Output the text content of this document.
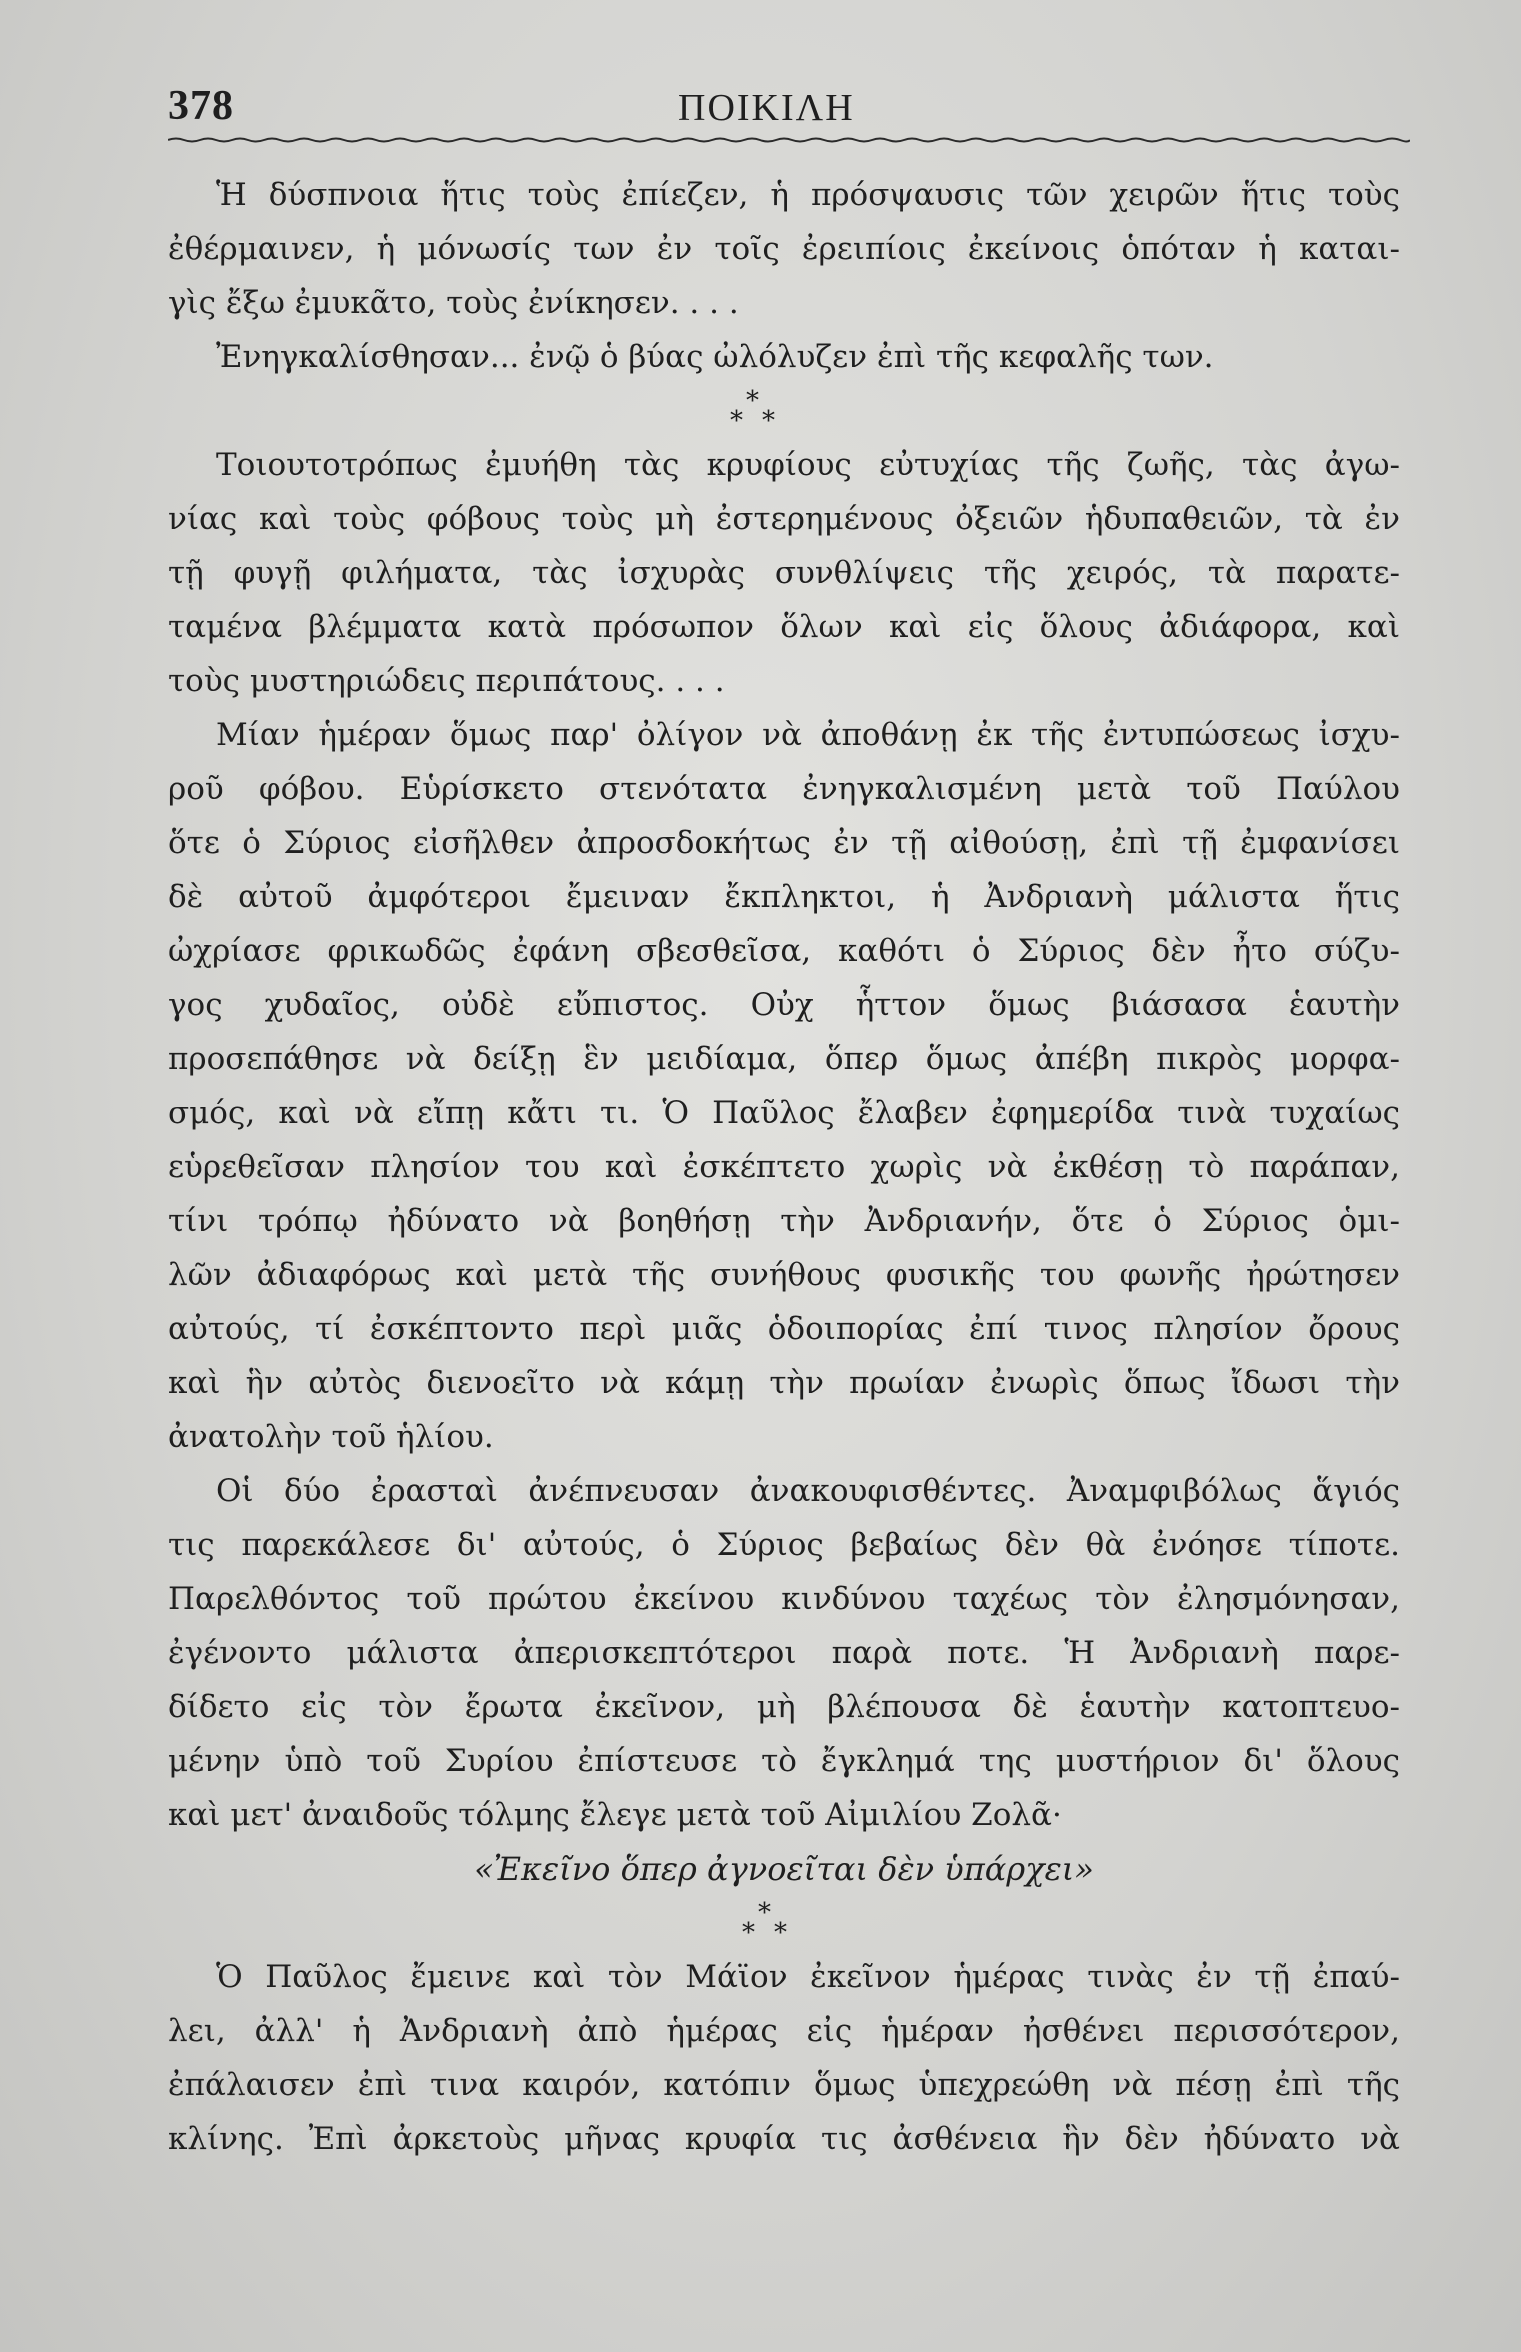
378	ΠΟΙΚΙΛΗ
Ἡ δύσπνοια ἥτις τοὺς ἐπίεζεν, ἡ πρόσψαυσις τῶν χειρῶν ἥτις τοὺς
ἐθέρμαινεν, ἡ μόνωσίς των ἐν τοῖς ἐρειπίοις ἐκείνοις ὁπόταν ἡ καται-
γὶς ἔξω ἐμυκᾶτο, τοὺς ἐνίκησεν. . . .
Ἐνηγκαλίσθησαν... ἐνῷ ὁ βύας ὠλόλυζεν ἐπὶ τῆς κεφαλῆς των.
*
* *
Τοιουτοτρόπως ἐμυήθη τὰς κρυφίους εὐτυχίας τῆς ζωῆς, τὰς ἀγω-
νίας καὶ τοὺς φόβους τοὺς μὴ ἐστερημένους ὀξειῶν ἡδυπαθειῶν, τὰ ἐν
τῇ φυγῇ φιλήματα, τὰς ἰσχυρὰς συνθλίψεις τῆς χειρός, τὰ παρατε-
ταμένα βλέμματα κατὰ πρόσωπον ὅλων καὶ εἰς ὅλους ἀδιάφορα, καὶ
τοὺς μυστηριώδεις περιπάτους. . . .
Μίαν ἡμέραν ὅμως παρ' ὀλίγον νὰ ἀποθάνῃ ἐκ τῆς ἐντυπώσεως ἰσχυ-
ροῦ φόβου. Εὑρίσκετο στενότατα ἐνηγκαλισμένη μετὰ τοῦ Παύλου
ὅτε ὁ Σύριος εἰσῆλθεν ἀπροσδοκήτως ἐν τῇ αἰθούσῃ, ἐπὶ τῇ ἐμφανίσει
δὲ αὐτοῦ ἀμφότεροι ἔμειναν ἔκπληκτοι, ἡ Ἀνδριανὴ μάλιστα ἥτις
ὠχρίασε φρικωδῶς ἐφάνη σβεσθεῖσα, καθότι ὁ Σύριος δὲν ἦτο σύζυ-
γος χυδαῖος, οὐδὲ εὔπιστος. Οὐχ ἧττον ὅμως βιάσασα ἑαυτὴν
προσεπάθησε νὰ δείξῃ ἓν μειδίαμα, ὅπερ ὅμως ἀπέβη πικρὸς μορφα-
σμός, καὶ νὰ εἴπῃ κἄτι τι. Ὁ Παῦλος ἔλαβεν ἐφημερίδα τινὰ τυχαίως
εὑρεθεῖσαν πλησίον του καὶ ἐσκέπτετο χωρὶς νὰ ἐκθέσῃ τὸ παράπαν,
τίνι τρόπῳ ἠδύνατο νὰ βοηθήσῃ τὴν Ἀνδριανήν, ὅτε ὁ Σύριος ὁμι-
λῶν ἀδιαφόρως καὶ μετὰ τῆς συνήθους φυσικῆς του φωνῆς ἠρώτησεν
αὐτούς, τί ἐσκέπτοντο περὶ μιᾶς ὁδοιπορίας ἐπί τινος πλησίον ὄρους
καὶ ἣν αὐτὸς διενοεῖτο νὰ κάμῃ τὴν πρωίαν ἐνωρὶς ὅπως ἴδωσι τὴν
ἀνατολὴν τοῦ ἡλίου.
Οἱ δύο ἐρασταὶ ἀνέπνευσαν ἀνακουφισθέντες. Ἀναμφιβόλως ἅγιός
τις παρεκάλεσε δι' αὐτούς, ὁ Σύριος βεβαίως δὲν θὰ ἐνόησε τίποτε.
Παρελθόντος τοῦ πρώτου ἐκείνου κινδύνου ταχέως τὸν ἐλησμόνησαν,
ἐγένοντο μάλιστα ἀπερισκεπτότεροι παρὰ ποτε. Ἡ Ἀνδριανὴ παρε-
δίδετο εἰς τὸν ἔρωτα ἐκεῖνον, μὴ βλέπουσα δὲ ἑαυτὴν κατοπτευο-
μένην ὑπὸ τοῦ Συρίου ἐπίστευσε τὸ ἔγκλημά της μυστήριον δι' ὅλους
καὶ μετ' ἀναιδοῦς τόλμης ἔλεγε μετὰ τοῦ Αἰμιλίου Ζολᾶ·
«Ἐκεῖνο ὅπερ ἀγνοεῖται δὲν ὑπάρχει»
*
* *
Ὁ Παῦλος ἔμεινε καὶ τὸν Μάϊον ἐκεῖνον ἡμέρας τινὰς ἐν τῇ ἐπαύ-
λει, ἀλλ' ἡ Ἀνδριανὴ ἀπὸ ἡμέρας εἰς ἡμέραν ἠσθένει περισσότερον,
ἐπάλαισεν ἐπὶ τινα καιρόν, κατόπιν ὅμως ὑπεχρεώθη νὰ πέσῃ ἐπὶ τῆς
κλίνης. Ἐπὶ ἀρκετοὺς μῆνας κρυφία τις ἀσθένεια ἣν δὲν ἠδύνατο νὰ
